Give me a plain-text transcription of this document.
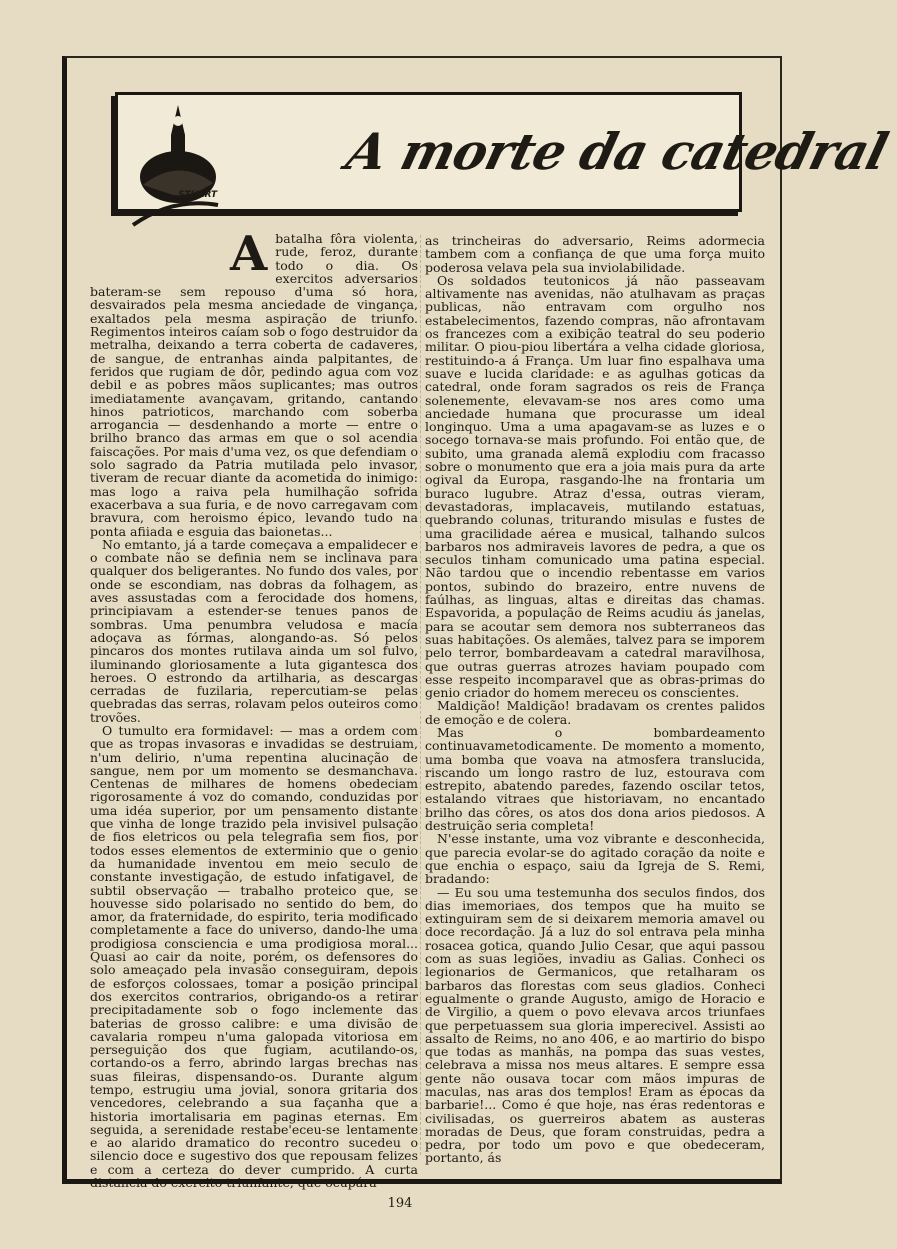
A morte da catedral
STUART
A batalha fôra violenta, rude, feroz, durante todo o dia. Os exercitos adversarios bateram-se sem repouso d'uma só hora, desvairados pela mesma anciedade de vingança, exaltados pela mesma aspiração de triunfo. Regimentos inteiros caíam sob o fogo destruidor da metralha, deixando a terra coberta de cadaveres, de sangue, de entranhas ainda palpitantes, de feridos que rugiam de dôr, pedindo agua com voz debil e as pobres mãos suplicantes; mas outros imediatamente avançavam, gritando, cantando hinos patrioticos, marchando com soberba arrogancia — desdenhando a morte — entre o brilho branco das armas em que o sol acendia faiscações. Por mais d'uma vez, os que defendiam o solo sagrado da Patria mutilada pelo invasor, tiveram de recuar diante da acometida do inimigo: mas logo a raiva pela humilhação sofrida exacerbava a sua furia, e de novo carregavam com bravura, com heroismo épico, levando tudo na ponta afiiada e esguia das baionetas...

No emtanto, já a tarde começava a empalidecer e o combate não se definia nem se inclinava para qualquer dos beligerantes. No fundo dos vales, por onde se escondiam, nas dobras da folhagem, as aves assustadas com a ferocidade dos homens, principiavam a estender-se tenues panos de sombras. Uma penumbra veludosa e macía adoçava as fórmas, alongando-as. Só pelos pincaros dos montes rutilava ainda um sol fulvo, iluminando gloriosamente a luta gigantesca dos heroes. O estrondo da artilharia, as descargas cerradas de fuzilaria, repercutiam-se pelas quebradas das serras, rolavam pelos outeiros como trovões.

O tumulto era formidavel: — mas a ordem com que as tropas invasoras e invadidas se destruiam, n'um delirio, n'uma repentina alucinação de sangue, nem por um momento se desmanchava. Centenas de milhares de homens obedeciam rigorosamente á voz do comando, conduzidas por uma idéa superior, por um pensamento distante que vinha de longe trazido pela invisivel pulsação de fios eletricos ou pela telegrafia sem fios, por todos esses elementos de exterminio que o genio da humanidade inventou em meio seculo de constante investigação, de estudo infatigavel, de subtil observação — trabalho proteico que, se houvesse sido polarisado no sentido do bem, do amor, da fraternidade, do espirito, teria modificado completamente a face do universo, dando-lhe uma prodigiosa consciencia e uma prodigiosa moral... Quasi ao cair da noite, porém, os defensores do solo ameaçado pela invasão conseguiram, depois de esforços colossaes, tomar a posição principal dos exercitos contrarios, obrigando-os a retirar precipitadamente sob o fogo inclemente das baterias de grosso calibre: e uma divisão de cavalaria rompeu n'uma galopada vitoriosa em perseguição dos que fugiam, acutilando-os, cortando-os a ferro, abrindo largas brechas nas suas fileiras, dispensando-os. Durante algum tempo, estrugiu uma jovial, sonora gritaria dos vencedores, celebrando a sua façanha que a historia imortalisaria em paginas eternas. Em seguida, a serenidade restabe'eceu-se lentamente e ao alarido dramatico do recontro sucedeu o silencio doce e sugestivo dos que repousam felizes e com a certeza do dever cumprido. A curta distancia do exercito triunfante, que ocupára

as trincheiras do adversario, Reims adormecia tambem com a confiança de que uma força muito poderosa velava pela sua inviolabilidade.

Os soldados teutonicos já não passeavam altivamente nas avenidas, não atulhavam as praças publicas, não entravam com orgulho nos estabelecimentos, fazendo compras, não afrontavam os francezes com a exibição teatral do seu poderio militar. O piou-piou libertára a velha cidade gloriosa, restituindo-a á França. Um luar fino espalhava uma suave e lucida claridade: e as agulhas goticas da catedral, onde foram sagrados os reis de França solenemente, elevavam-se nos ares como uma anciedade humana que procurasse um ideal longinquo. Uma a uma apagavam-se as luzes e o socego tornava-se mais profundo. Foi então que, de subito, uma granada alemã explodiu com fracasso sobre o monumento que era a joia mais pura da arte ogival da Europa, rasgando-lhe na frontaria um buraco lugubre. Atraz d'essa, outras vieram, devastadoras, implacaveis, mutilando estatuas, quebrando colunas, triturando misulas e fustes de uma gracilidade aérea e musical, talhando sulcos barbaros nos admiraveis lavores de pedra, a que os seculos tinham comunicado uma patina especial. Não tardou que o incendio rebentasse em varios pontos, subindo do brazeiro, entre nuvens de faúlhas, as linguas, altas e direitas das chamas. Espavorida, a população de Reims acudiu ás janelas, para se acoutar sem demora nos subterraneos das suas habitações. Os alemães, talvez para se imporem pelo terror, bombardeavam a catedral maravilhosa, que outras guerras atrozes haviam poupado com esse respeito incomparavel que as obras-primas do genio criador do homem mereceu os conscientes.

Maldição! Maldição! bradavam os crentes palidos de emoção e de colera.

Mas o bombardeamento continuavametodicamente. De momento a momento, uma bomba que voava na atmosfera translucida, riscando um longo rastro de luz, estourava com estrepito, abatendo paredes, fazendo oscilar tetos, estalando vitraes que historiavam, no encantado brilho das côres, os atos dos dona arios piedosos. A destruição seria completa!

N'esse instante, uma voz vibrante e desconhecida, que parecia evolar-se do agitado coração da noite e que enchia o espaço, saiu da Igreja de S. Remi, bradando:

— Eu sou uma testemunha dos seculos findos, dos dias imemoriaes, dos tempos que ha muito se extinguiram sem de si deixarem memoria amavel ou doce recordação. Já a luz do sol entrava pela minha rosacea gotica, quando Julio Cesar, que aqui passou com as suas legiões, invadiu as Galias. Conheci os legionarios de Germanicos, que retalharam os barbaros das florestas com seus gladios. Conheci egualmente o grande Augusto, amigo de Horacio e de Virgilio, a quem o povo elevava arcos triunfaes que perpetuassem sua gloria imperecivel. Assisti ao assalto de Reims, no ano 406, e ao martirio do bispo que todas as manhãs, na pompa das suas vestes, celebrava a missa nos meus altares. E sempre essa gente não ousava tocar com mãos impuras de maculas, nas aras dos templos! Eram as épocas da barbarie!... Como é que hoje, nas éras redentoras e civilisadas, os guerreiros abatem as austeras moradas de Deus, que foram construidas, pedra a pedra, por todo um povo e que obedeceram, portanto, ás

194
